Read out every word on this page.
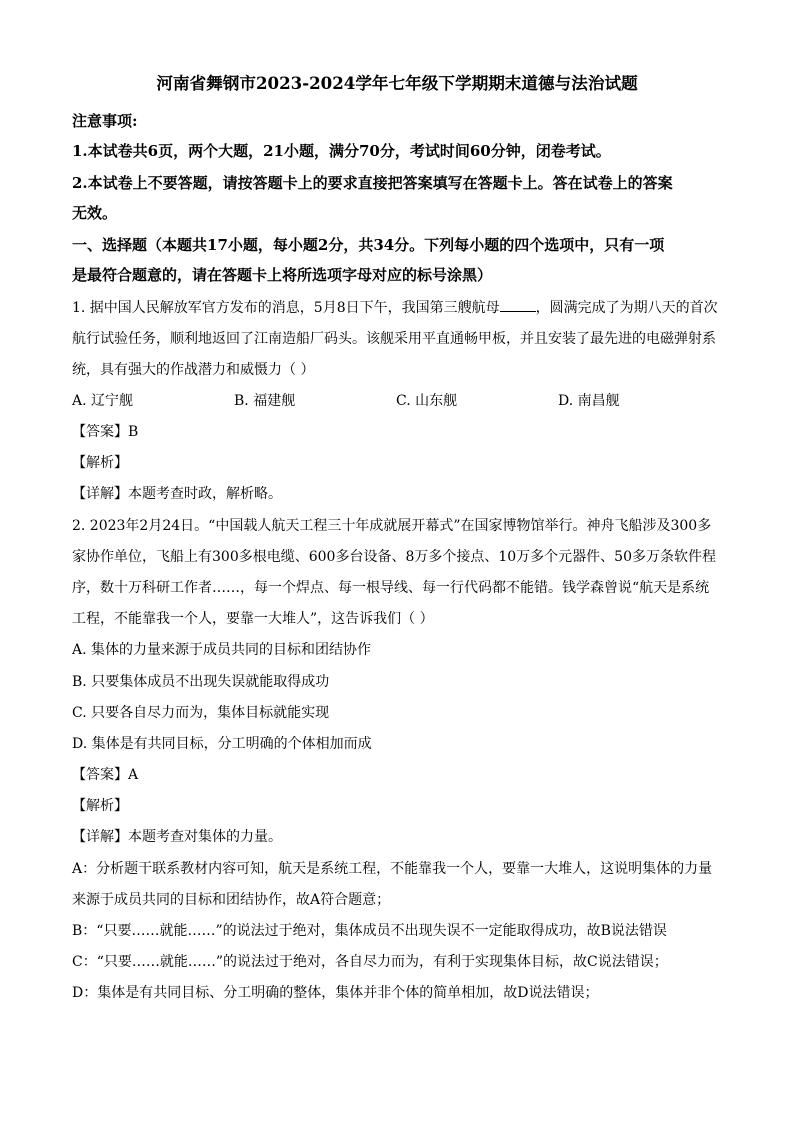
河南省舞钢市2023-2024学年七年级下学期期末道德与法治试题
注意事项:
1.本试卷共6页，两个大题，21小题，满分70分，考试时间60分钟，闭卷考试。
2.本试卷上不要答题，请按答题卡上的要求直接把答案填写在答题卡上。答在试卷上的答案
无效。
一、选择题（本题共17小题，每小题2分，共34分。下列每小题的四个选项中，只有一项
是最符合题意的，请在答题卡上将所选项字母对应的标号涂黑）
1. 据中国人民解放军官方发布的消息，5月8日下午，我国第三艘航母	，圆满完成了为期八天的首次
航行试验任务，顺利地返回了江南造船厂码头。该舰采用平直通畅甲板，并且安装了最先进的电磁弹射系
统，具有强大的作战潜力和威慑力（ ）
A. 辽宁舰	B. 福建舰	C. 山东舰	D. 南昌舰
【答案】B
【解析】
【详解】本题考查时政，解析略。
2. 2023年2月24日。“中国载人航天工程三十年成就展开幕式”在国家博物馆举行。神舟飞船涉及300多
家协作单位，飞船上有300多根电缆、600多台设备、8万多个接点、10万多个元器件、50多万条软件程
序，数十万科研工作者……，每一个焊点、每一根导线、每一行代码都不能错。钱学森曾说“航天是系统
工程，不能靠我一个人，要靠一大堆人”，这告诉我们（ ）
A. 集体的力量来源于成员共同的目标和团结协作
B. 只要集体成员不出现失误就能取得成功
C. 只要各自尽力而为，集体目标就能实现
D. 集体是有共同目标，分工明确的个体相加而成
【答案】A
【解析】
【详解】本题考查对集体的力量。
A：分析题干联系教材内容可知，航天是系统工程，不能靠我一个人，要靠一大堆人，这说明集体的力量
来源于成员共同的目标和团结协作，故A符合题意；
B：“只要……就能……”的说法过于绝对，集体成员不出现失误不一定能取得成功，故B说法错误
C：“只要……就能……”的说法过于绝对，各自尽力而为，有利于实现集体目标，故C说法错误；
D：集体是有共同目标、分工明确的整体，集体并非个体的简单相加，故D说法错误；
